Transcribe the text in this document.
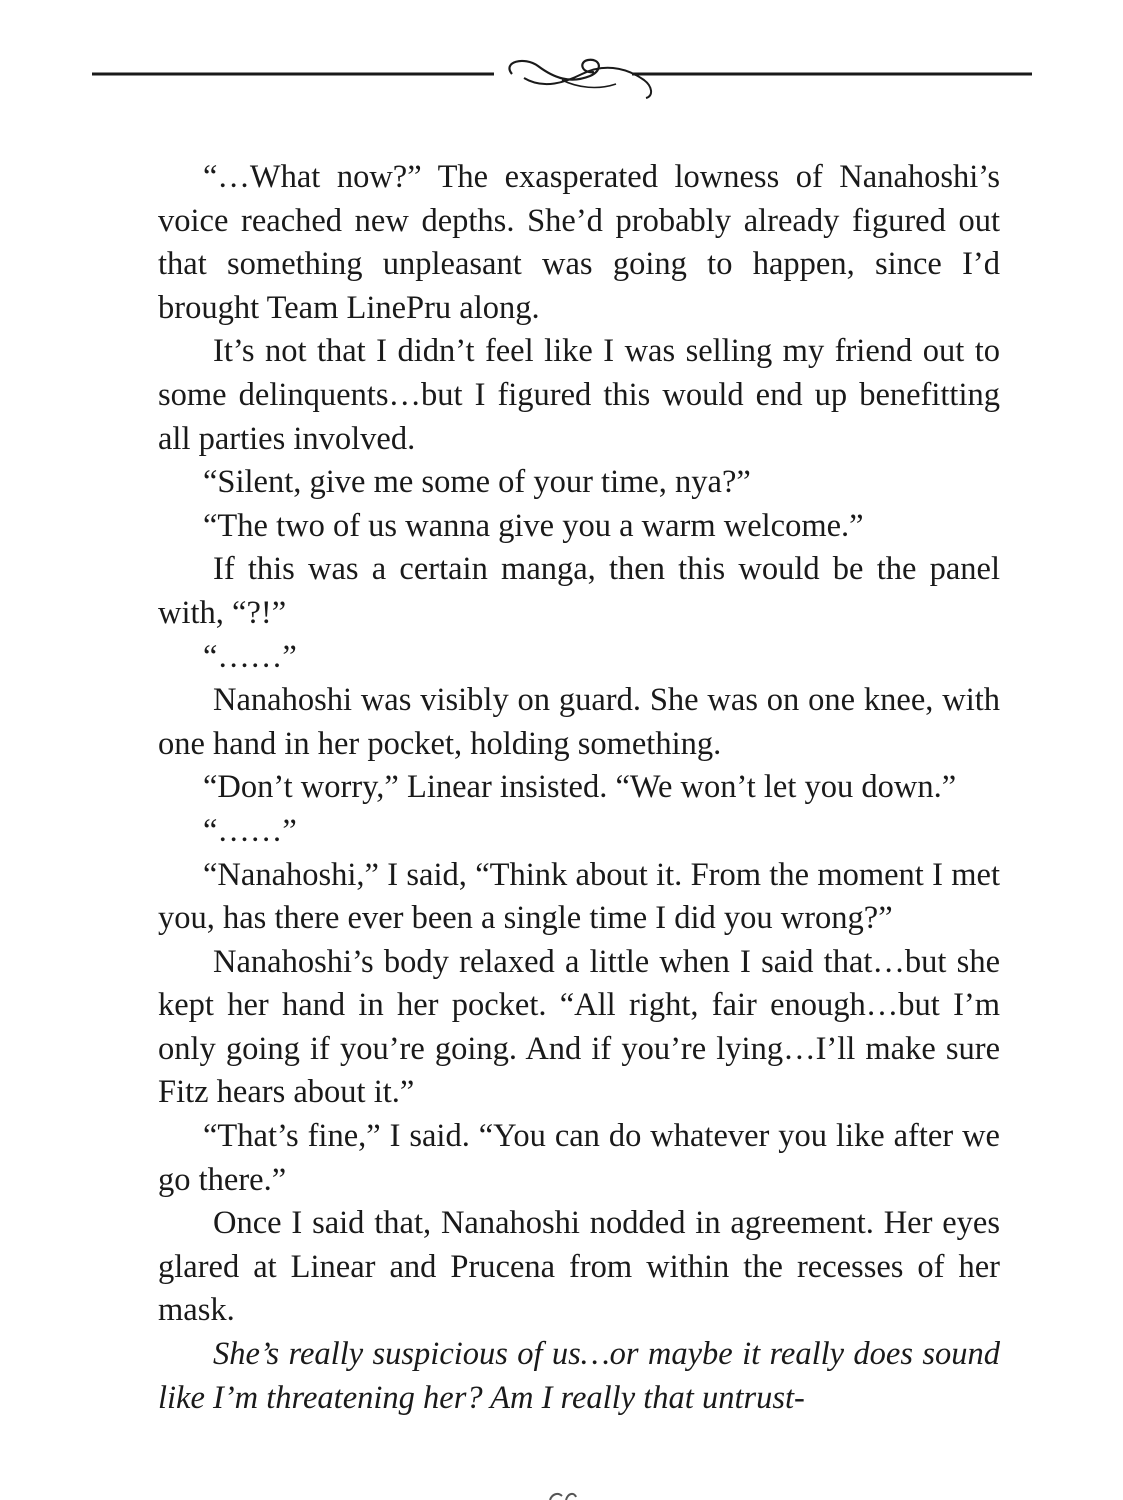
“…What now?” The exasperated lowness of Nanahoshi’s voice reached new depths. She’d probably already figured out that something unpleasant was going to happen, since I’d brought Team LinePru along.

It’s not that I didn’t feel like I was selling my friend out to some delinquents…but I figured this would end up benefitting all parties involved.

“Silent, give me some of your time, nya?”

“The two of us wanna give you a warm welcome.”

If this was a certain manga, then this would be the panel with, “?!”

“……”

Nanahoshi was visibly on guard. She was on one knee, with one hand in her pocket, holding something.

“Don’t worry,” Linear insisted. “We won’t let you down.”

“……”

“Nanahoshi,” I said, “Think about it. From the moment I met you, has there ever been a single time I did you wrong?”

Nanahoshi’s body relaxed a little when I said that…but she kept her hand in her pocket. “All right, fair enough…but I’m only going if you’re going. And if you’re lying…I’ll make sure Fitz hears about it.”

“That’s fine,” I said. “You can do whatever you like after we go there.”

Once I said that, Nanahoshi nodded in agreement. Her eyes glared at Linear and Prucena from within the recesses of her mask.

She’s really suspicious of us…or maybe it really does sound like I’m threatening her? Am I really that untrust-
